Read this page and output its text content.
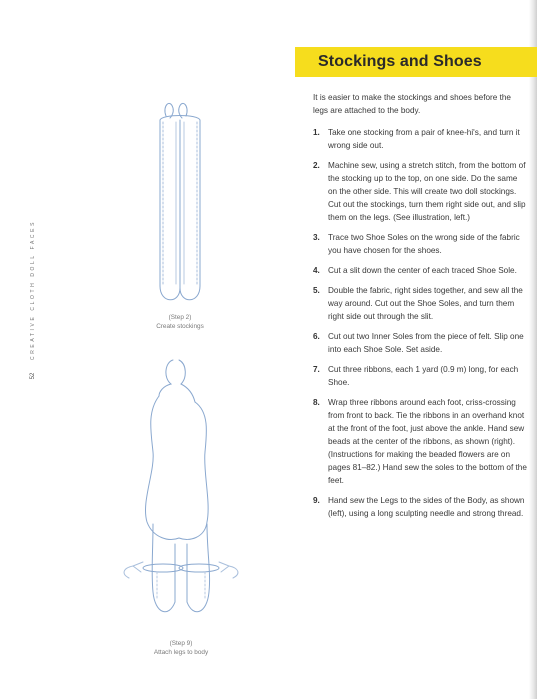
CREATIVE CLOTH DOLL FACES
52
(Step 2)
Create stockings
(Step 9)
Attach legs to body
Stockings and Shoes

It is easier to make the stockings and shoes before the legs are attached to the body.

1. Take one stocking from a pair of knee-hi's, and turn it wrong side out.
2. Machine sew, using a stretch stitch, from the bottom of the stocking up to the top, on one side. Do the same on the other side. This will create two doll stockings. Cut out the stockings, turn them right side out, and slip them on the legs. (See illustration, left.)
3. Trace two Shoe Soles on the wrong side of the fabric you have chosen for the shoes.
4. Cut a slit down the center of each traced Shoe Sole.
5. Double the fabric, right sides together, and sew all the way around. Cut out the Shoe Soles, and turn them right side out through the slit.
6. Cut out two Inner Soles from the piece of felt. Slip one into each Shoe Sole. Set aside.
7. Cut three ribbons, each 1 yard (0.9 m) long, for each Shoe.
8. Wrap three ribbons around each foot, criss-crossing from front to back. Tie the ribbons in an overhand knot at the front of the foot, just above the ankle. Hand sew beads at the center of the ribbons, as shown (right). (Instructions for making the beaded flowers are on pages 81–82.) Hand sew the soles to the bottom of the feet.
9. Hand sew the Legs to the sides of the Body, as shown (left), using a long sculpting needle and strong thread.
